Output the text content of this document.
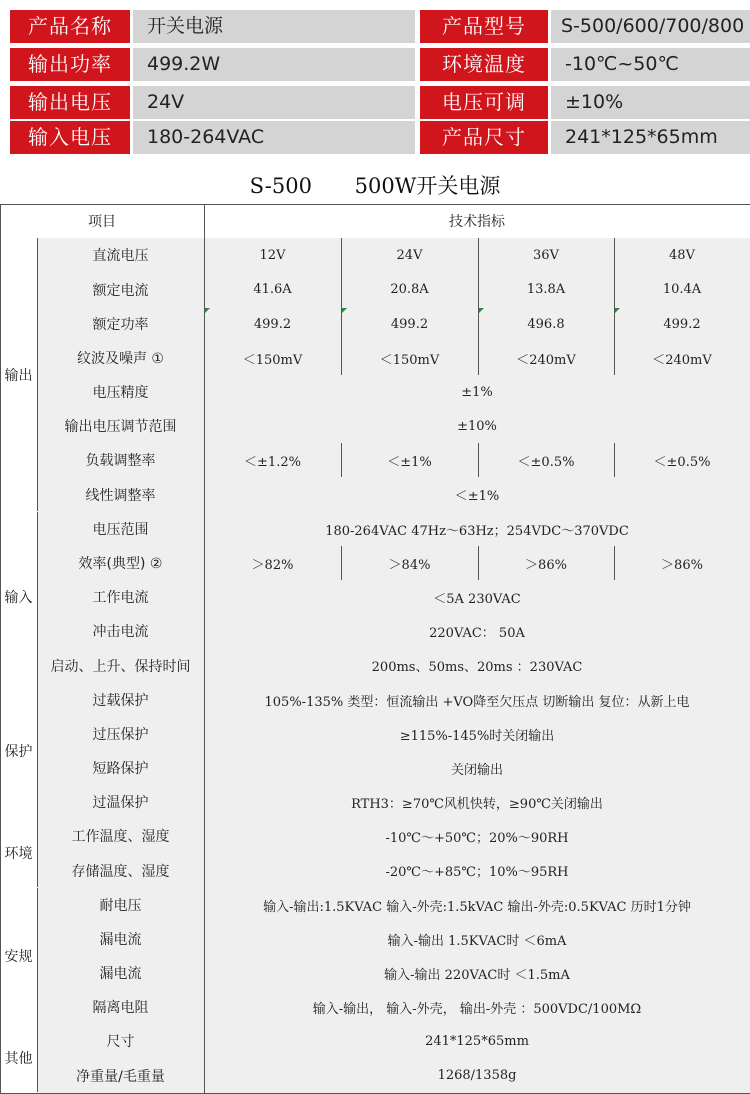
产品名称	开关电源	产品型号	S-500/600/700/800
输出功率	499.2W	环境温度	-10℃~50℃
输出电压	24V	电压可调	±10%
输入电压	180-264VAC	产品尺寸	241*125*65mm
S-500 500W开关电源
项目	技术指标
输出
直流电压	12V	24V	36V	48V
额定电流	41.6A	20.8A	13.8A	10.4A
额定功率	499.2	499.2	496.8	499.2
纹波及噪声 ①	＜150mV	＜150mV	＜240mV	＜240mV
电压精度	±1%
输出电压调节范围	±10%
负载调整率	＜±1.2%	＜±1%	＜±0.5%	＜±0.5%
线性调整率	＜±1%
输入
电压范围	180-264VAC 47Hz～63Hz；254VDC～370VDC
效率(典型) ②	＞82%	＞84%	＞86%	＞86%
工作电流	＜5A 230VAC
冲击电流	220VAC： 50A
启动、上升、保持时间	200ms、50ms、20ms ：230VAC
保护
过载保护	105%-135% 类型：恒流输出 +VO降至欠压点 切断输出 复位：从新上电
过压保护	≥115%-145%时关闭输出
短路保护	关闭输出
过温保护	RTH3：≥70℃风机快转，≥90℃关闭输出
环境
工作温度、湿度	-10℃～+50℃；20%～90RH
存储温度、湿度	-20℃～+85℃；10%～95RH
安规
耐电压	输入-输出:1.5KVAC 输入-外壳:1.5kVAC 输出-外壳:0.5KVAC 历时1分钟
漏电流	输入-输出 1.5KVAC时 ＜6mA
漏电流	输入-输出 220VAC时 ＜1.5mA
隔离电阻	输入-输出， 输入-外壳， 输出-外壳 ：500VDC/100MΩ
其他
尺寸	241*125*65mm
净重量/毛重量	1268/1358g
